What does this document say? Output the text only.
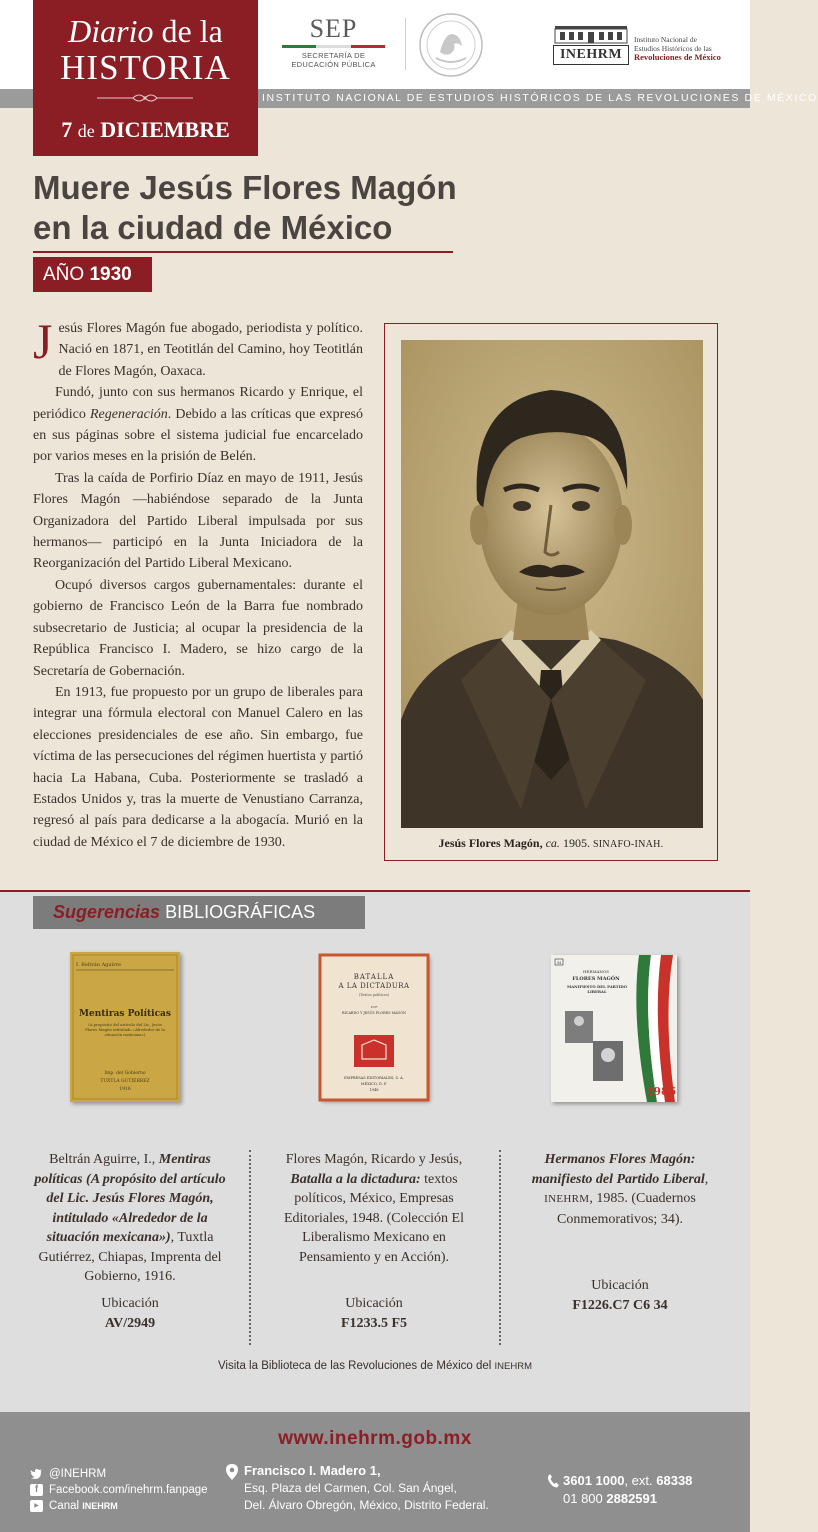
INSTITUTO NACIONAL DE ESTUDIOS HISTÓRICOS DE LAS REVOLUCIONES DE MÉXICO
Diario de la
HISTORIA
7 de DICIEMBRE
SEP
SECRETARÍA DE
EDUCACIÓN PÚBLICA
INEHRM
Instituto Nacional de
Estudios Históricos de las
Revoluciones de México
Muere Jesús Flores Magón
en la ciudad de México
AÑO 1930

Jesús Flores Magón fue abogado, periodista y político. Nació en 1871, en Teotitlán del Camino, hoy Teotitlán de Flores Magón, Oaxaca.

Fundó, junto con sus hermanos Ricardo y Enrique, el periódico Regeneración. Debido a las críticas que expresó en sus páginas sobre el sistema judicial fue encarcelado por varios meses en la prisión de Belén.

Tras la caída de Porfirio Díaz en mayo de 1911, Jesús Flores Magón —habiéndose separado de la Junta Organizadora del Partido Liberal impulsada por sus hermanos— participó en la Junta Iniciadora de la Reorganización del Partido Liberal Mexicano.

Ocupó diversos cargos gubernamentales: durante el gobierno de Francisco León de la Barra fue nombrado subsecretario de Justicia; al ocupar la presidencia de la República Francisco I. Madero, se hizo cargo de la Secretaría de Gobernación.

En 1913, fue propuesto por un grupo de liberales para integrar una fórmula electoral con Manuel Calero en las elecciones presidenciales de ese año. Sin embargo, fue víctima de las persecuciones del régimen huertista y partió hacia La Habana, Cuba. Posteriormente se trasladó a Estados Unidos y, tras la muerte de Venustiano Carranza, regresó al país para dedicarse a la abogacía. Murió en la ciudad de México el 7 de diciembre de 1930.	Jesús Flores Magón, ca. 1905. SINAFO-INAH.
Sugerencias BIBLIOGRÁFICAS
I. Beltrán Aguirre
Mentiras Políticas
(A propósito del artículo del Lic. Jesús Flores Magón intitulado «Alrededor de la situación mexicana»)
Imp. del Gobierno
TUXTLA GUTIÉRREZ
1916
Beltrán Aguirre, I., Mentiras políticas (A propósito del artículo del Lic. Jesús Flores Magón, intitulado «Alrededor de la situación mexicana»), Tuxtla Gutiérrez, Chiapas, Imprenta del Gobierno, 1916.
Ubicación
AV/2949
BATALLA
A LA DICTADURA
(Textos políticos)
POR
RICARDO Y JESÚS FLORES MAGÓN
EMPRESAS EDITORIALES, S. A.
MÉXICO, D. F.
1948
Flores Magón, Ricardo y Jesús, Batalla a la dictadura: textos políticos, México, Empresas Editoriales, 1948. (Colección El Liberalismo Mexicano en Pensamiento y en Acción).
Ubicación
F1233.5 F5
34
HERMANOS
FLORES MAGÓN
MANIFIESTO DEL PARTIDO LIBERAL
1985
Hermanos Flores Magón: manifiesto del Partido Liberal, INEHRM, 1985. (Cuadernos Conmemorativos; 34).
Ubicación
F1226.C7 C6 34
Visita la Biblioteca de las Revoluciones de México del INEHRM
www.inehrm.gob.mx
@INEHRM
f Facebook.com/inehrm.fanpage
▶ Canal
INEHRM
Francisco I. Madero 1,
Esq. Plaza del Carmen, Col. San Ángel,
Del. Álvaro Obregón, México, Distrito Federal.
3601 1000, ext. 68338
01 800 2882591
